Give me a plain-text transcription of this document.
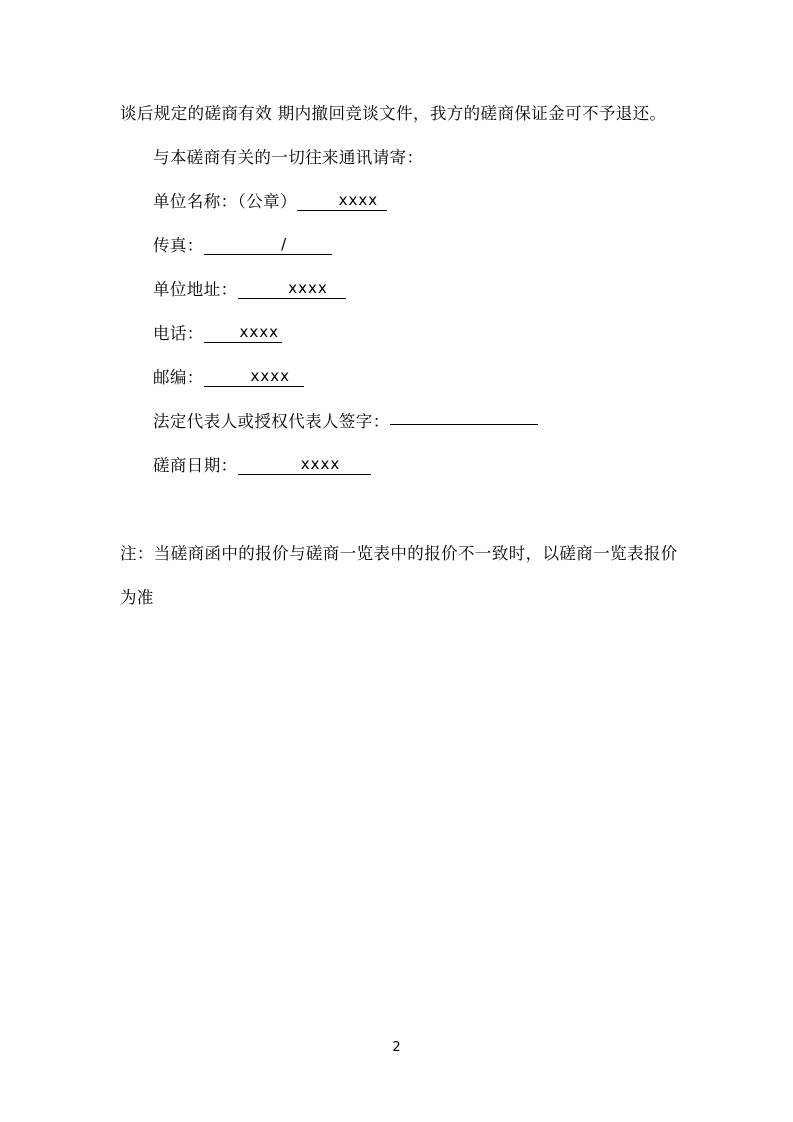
谈后规定的磋商有效 期内撤回竞谈文件，我方的磋商保证金可不予退还。

与本磋商有关的一切往来通讯请寄：

单位名称：（公章）	xxxx

传真：	/

单位地址：	xxxx

电话： xxxx

邮编：	xxxx

法定代表人或授权代表人签字：

磋商日期：	xxxx

注：当磋商函中的报价与磋商一览表中的报价不一致时，以磋商一览表报价为准

2
